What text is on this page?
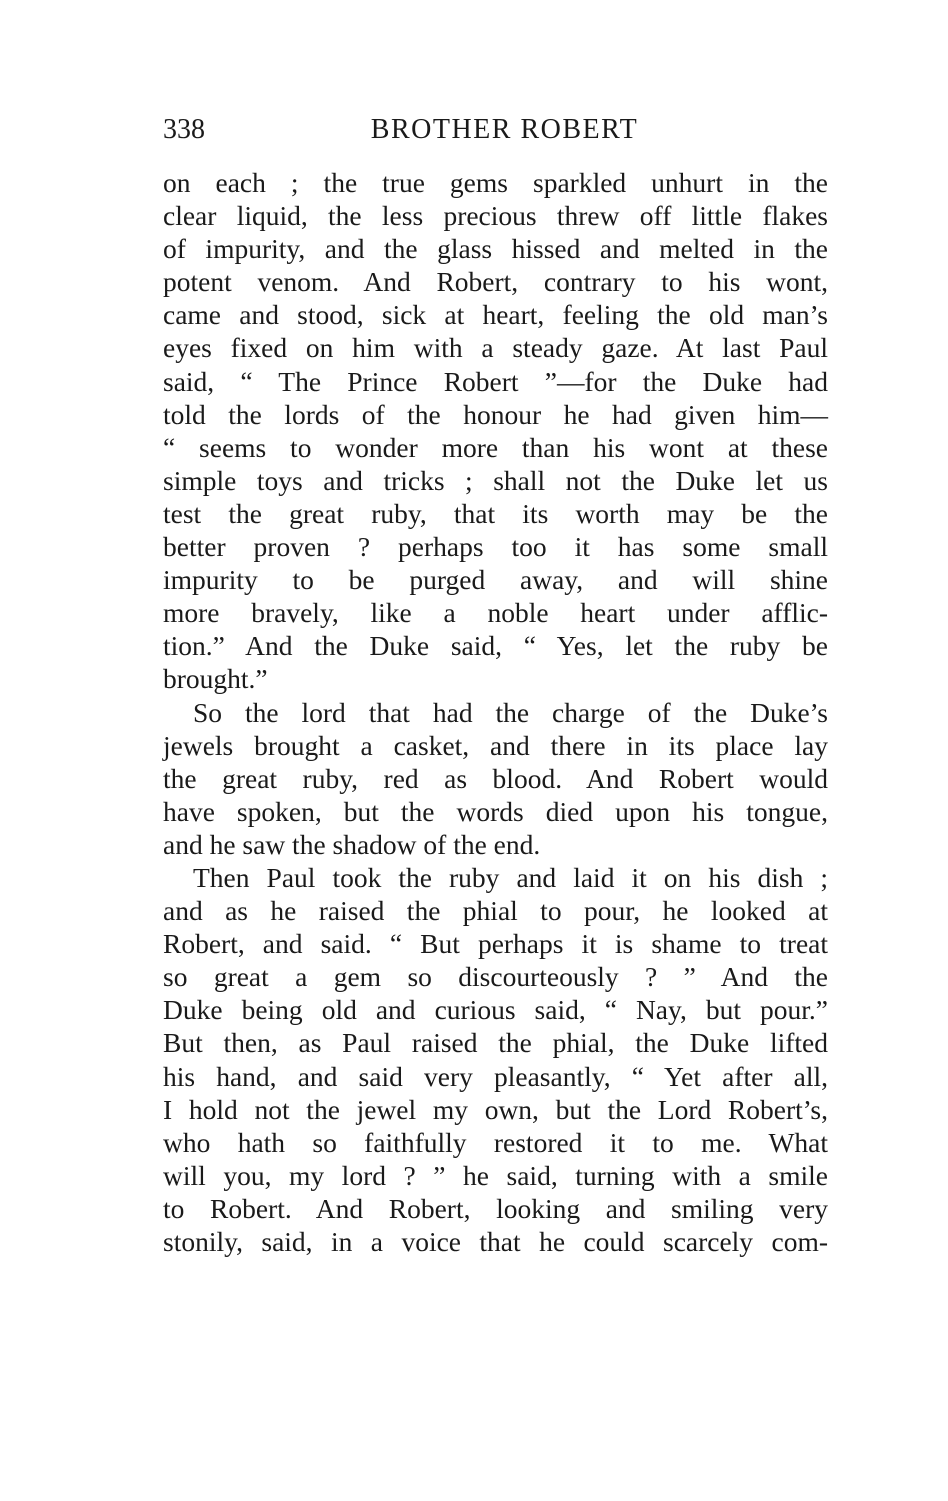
338	BROTHER ROBERT
on each ; the true gems sparkled unhurt in the
clear liquid, the less precious threw off little flakes
of impurity, and the glass hissed and melted in the
potent venom. And Robert, contrary to his wont,
came and stood, sick at heart, feeling the old man’s
eyes fixed on him with a steady gaze. At last Paul
said, “ The Prince Robert ”—for the Duke had
told the lords of the honour he had given him—
“ seems to wonder more than his wont at these
simple toys and tricks ; shall not the Duke let us
test the great ruby, that its worth may be the
better proven ? perhaps too it has some small
impurity to be purged away, and will shine
more bravely, like a noble heart under afflic-
tion.” And the Duke said, “ Yes, let the ruby be
brought.”
So the lord that had the charge of the Duke’s
jewels brought a casket, and there in its place lay
the great ruby, red as blood. And Robert would
have spoken, but the words died upon his tongue,
and he saw the shadow of the end.
Then Paul took the ruby and laid it on his dish ;
and as he raised the phial to pour, he looked at
Robert, and said. “ But perhaps it is shame to treat
so great a gem so discourteously ? ” And the
Duke being old and curious said, “ Nay, but pour.”
But then, as Paul raised the phial, the Duke lifted
his hand, and said very pleasantly, “ Yet after all,
I hold not the jewel my own, but the Lord Robert’s,
who hath so faithfully restored it to me. What
will you, my lord ? ” he said, turning with a smile
to Robert. And Robert, looking and smiling very
stonily, said, in a voice that he could scarcely com-
